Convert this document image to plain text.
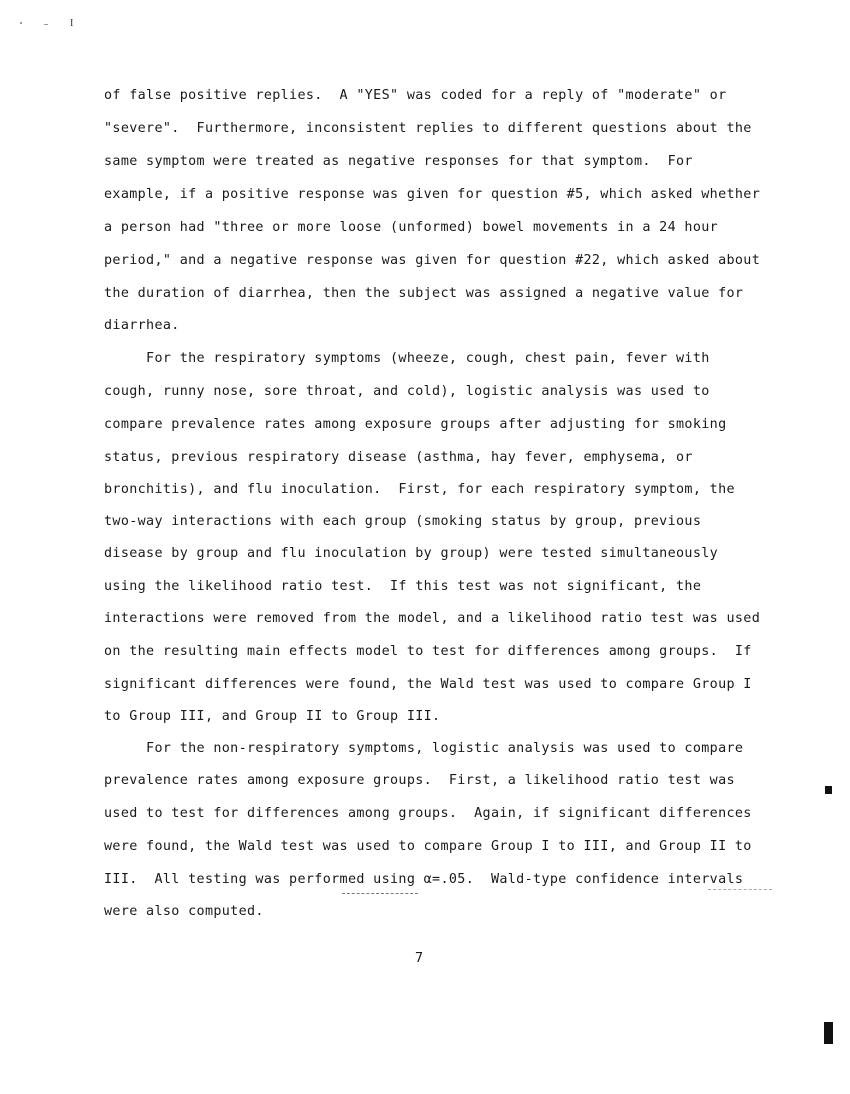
I
of false positive replies.  A "YES" was coded for a reply of "moderate" or
"severe".  Furthermore, inconsistent replies to different questions about the
same symptom were treated as negative responses for that symptom.  For
example, if a positive response was given for question #5, which asked whether
a person had "three or more loose (unformed) bowel movements in a 24 hour
period," and a negative response was given for question #22, which asked about
the duration of diarrhea, then the subject was assigned a negative value for
diarrhea.
For the respiratory symptoms (wheeze, cough, chest pain, fever with
cough, runny nose, sore throat, and cold), logistic analysis was used to
compare prevalence rates among exposure groups after adjusting for smoking
status, previous respiratory disease (asthma, hay fever, emphysema, or
bronchitis), and flu inoculation.  First, for each respiratory symptom, the
two-way interactions with each group (smoking status by group, previous
disease by group and flu inoculation by group) were tested simultaneously
using the likelihood ratio test.  If this test was not significant, the
interactions were removed from the model, and a likelihood ratio test was used
on the resulting main effects model to test for differences among groups.  If
significant differences were found, the Wald test was used to compare Group I
to Group III, and Group II to Group III.
For the non-respiratory symptoms, logistic analysis was used to compare
prevalence rates among exposure groups.  First, a likelihood ratio test was
used to test for differences among groups.  Again, if significant differences
were found, the Wald test was used to compare Group I to III, and Group II to
III.  All testing was performed using α=.05.  Wald-type confidence intervals
were also computed.
7
